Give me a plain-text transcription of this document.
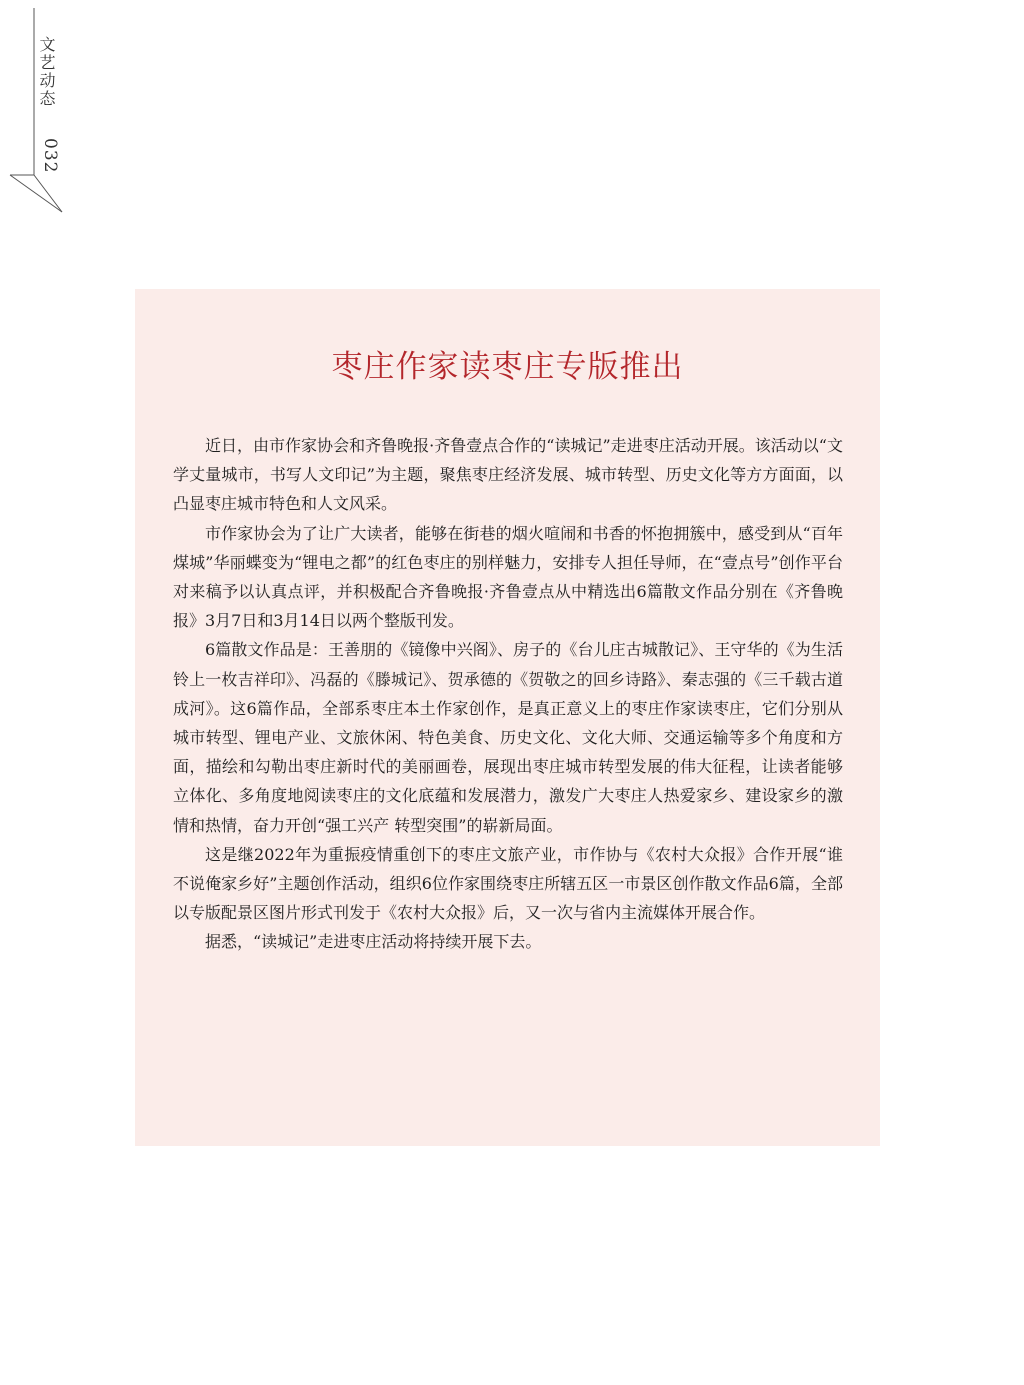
文艺动态
032
枣庄作家读枣庄专版推出

近日，由市作家协会和齐鲁晚报·齐鲁壹点合作的“读城记”走进枣庄活动开展。该活动以“文学丈量城市，书写人文印记”为主题，聚焦枣庄经济发展、城市转型、历史文化等方方面面，以凸显枣庄城市特色和人文风采。

市作家协会为了让广大读者，能够在街巷的烟火喧闹和书香的怀抱拥簇中，感受到从“百年煤城”华丽蝶变为“锂电之都”的红色枣庄的别样魅力，安排专人担任导师，在“壹点号”创作平台对来稿予以认真点评，并积极配合齐鲁晚报·齐鲁壹点从中精选出6篇散文作品分别在《齐鲁晚报》3月7日和3月14日以两个整版刊发。

6篇散文作品是：王善朋的《镜像中兴阁》、房子的《台儿庄古城散记》、王守华的《为生活铃上一枚吉祥印》、冯磊的《滕城记》、贺承德的《贺敬之的回乡诗路》、秦志强的《三千载古道成河》。这6篇作品，全部系枣庄本土作家创作，是真正意义上的枣庄作家读枣庄，它们分别从城市转型、锂电产业、文旅休闲、特色美食、历史文化、文化大师、交通运输等多个角度和方面，描绘和勾勒出枣庄新时代的美丽画卷，展现出枣庄城市转型发展的伟大征程，让读者能够立体化、多角度地阅读枣庄的文化底蕴和发展潜力，激发广大枣庄人热爱家乡、建设家乡的激情和热情，奋力开创“强工兴产 转型突围”的崭新局面。

这是继2022年为重振疫情重创下的枣庄文旅产业，市作协与《农村大众报》合作开展“谁不说俺家乡好”主题创作活动，组织6位作家围绕枣庄所辖五区一市景区创作散文作品6篇，全部以专版配景区图片形式刊发于《农村大众报》后，又一次与省内主流媒体开展合作。

据悉，“读城记”走进枣庄活动将持续开展下去。
